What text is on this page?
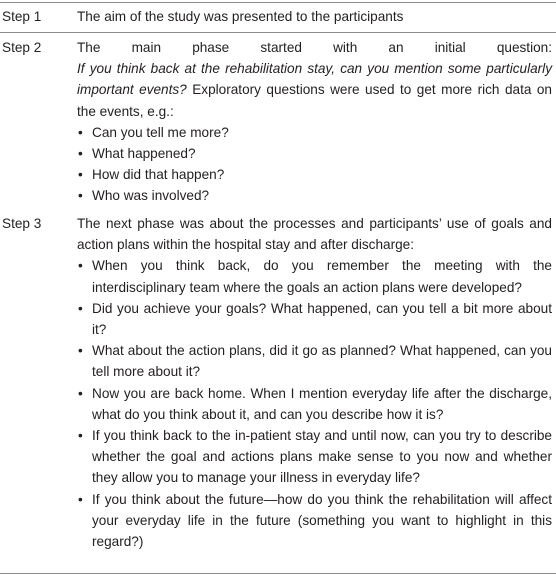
Step 1	The aim of the study was presented to the participants
Step 2	The main phase started with an initial question:
If you think back at the rehabilitation stay, can you mention some particularly important events? Exploratory questions were used to get more rich data on the events, e.g.:
• Can you tell me more?
• What happened?
• How did that happen?
• Who was involved?
Step 3	The next phase was about the processes and participants’ use of goals and action plans within the hospital stay and after discharge:
• When you think back, do you remember the meeting with the interdisciplinary team where the goals an action plans were developed?
• Did you achieve your goals? What happened, can you tell a bit more about it?
• What about the action plans, did it go as planned? What happened, can you tell more about it?
• Now you are back home. When I mention everyday life after the discharge, what do you think about it, and can you describe how it is?
• If you think back to the in-patient stay and until now, can you try to describe whether the goal and actions plans make sense to you now and whether they allow you to manage your illness in everyday life?
• If you think about the future—how do you think the rehabilitation will affect your everyday life in the future (something you want to highlight in this regard?)
